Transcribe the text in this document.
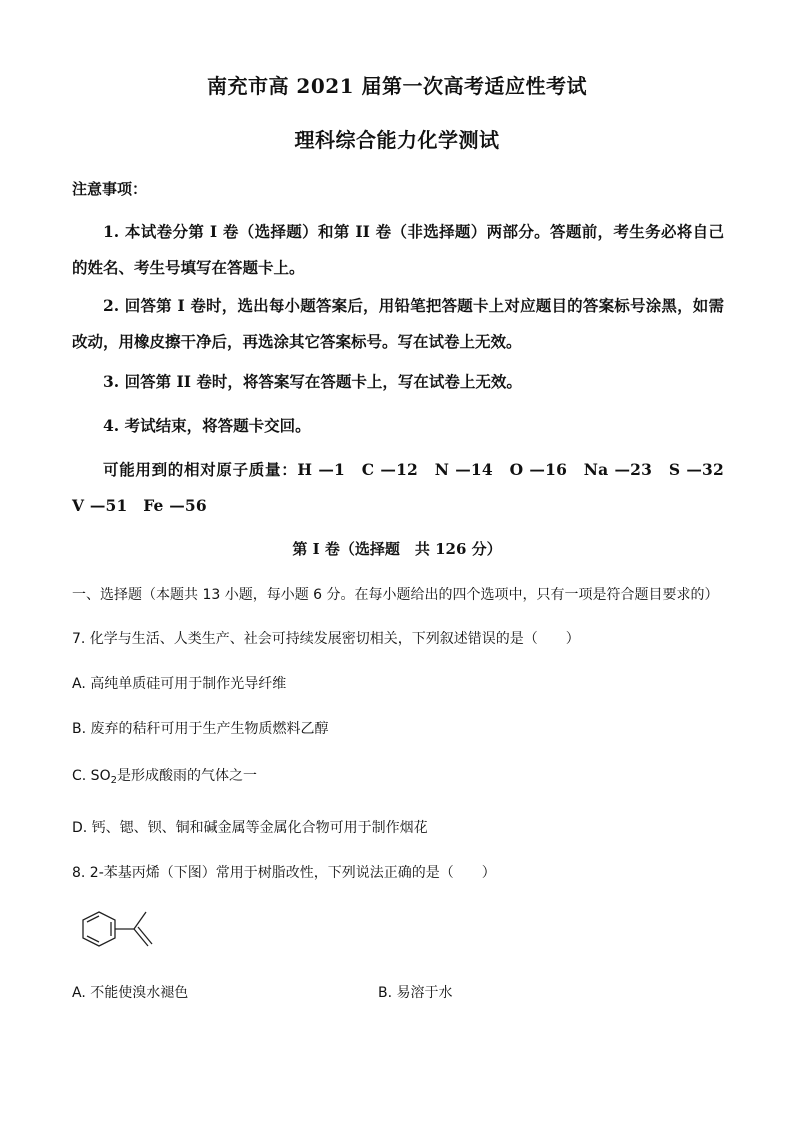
南充市高 2021 届第一次高考适应性考试
理科综合能力化学测试
注意事项：
1. 本试卷分第 I 卷（选择题）和第 II 卷（非选择题）两部分。答题前，考生务必将自己的姓名、考生号填写在答题卡上。
2. 回答第 I 卷时，选出每小题答案后，用铅笔把答题卡上对应题目的答案标号涂黑，如需改动，用橡皮擦干净后，再选涂其它答案标号。写在试卷上无效。
3. 回答第 II 卷时，将答案写在答题卡上，写在试卷上无效。
4. 考试结束，将答题卡交回。
可能用到的相对原子质量：H —1　C —12　N —14　O —16　Na —23　S —32　V —51　Fe —56
第 I 卷（选择题　共 126 分）
一、选择题（本题共 13 小题，每小题 6 分。在每小题给出的四个选项中，只有一项是符合题目要求的）
7. 化学与生活、人类生产、社会可持续发展密切相关，下列叙述错误的是（　　）
A. 高纯单质硅可用于制作光导纤维
B. 废弃的秸秆可用于生产生物质燃料乙醇
C. $SO_2$是形成酸雨的气体之一
D. 钙、锶、钡、铜和碱金属等金属化合物可用于制作烟花
8. 2-苯基丙烯（下图）常用于树脂改性，下列说法正确的是（　　）
A. 不能使溴水褪色	B. 易溶于水
